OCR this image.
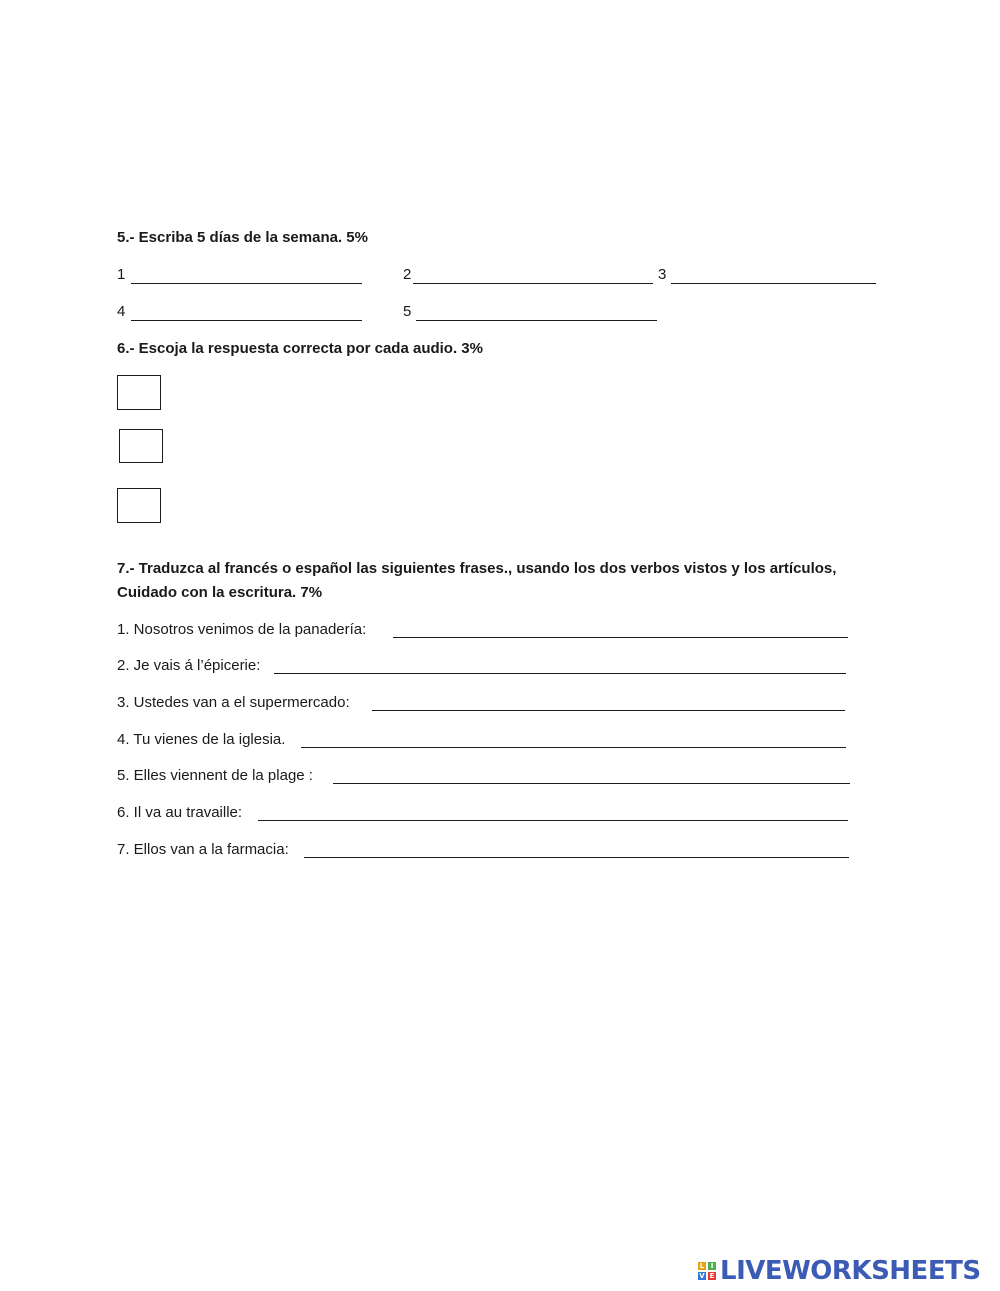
5.- Escriba 5 días de la semana. 5%
1	2	3
4	5
6.- Escoja la respuesta correcta por cada audio. 3%
7.- Traduzca al francés o español las siguientes frases., usando los dos verbos vistos y los artículos,
Cuidado con la escritura. 7%
1. Nosotros venimos de la panadería:
2. Je vais á l’épicerie:
3. Ustedes van a el supermercado:
4. Tu vienes de la iglesia.
5. Elles viennent de la plage :
6. Il va au travaille:
7. Ellos van a la farmacia:
L I
V E LIVEWORKSHEETS
